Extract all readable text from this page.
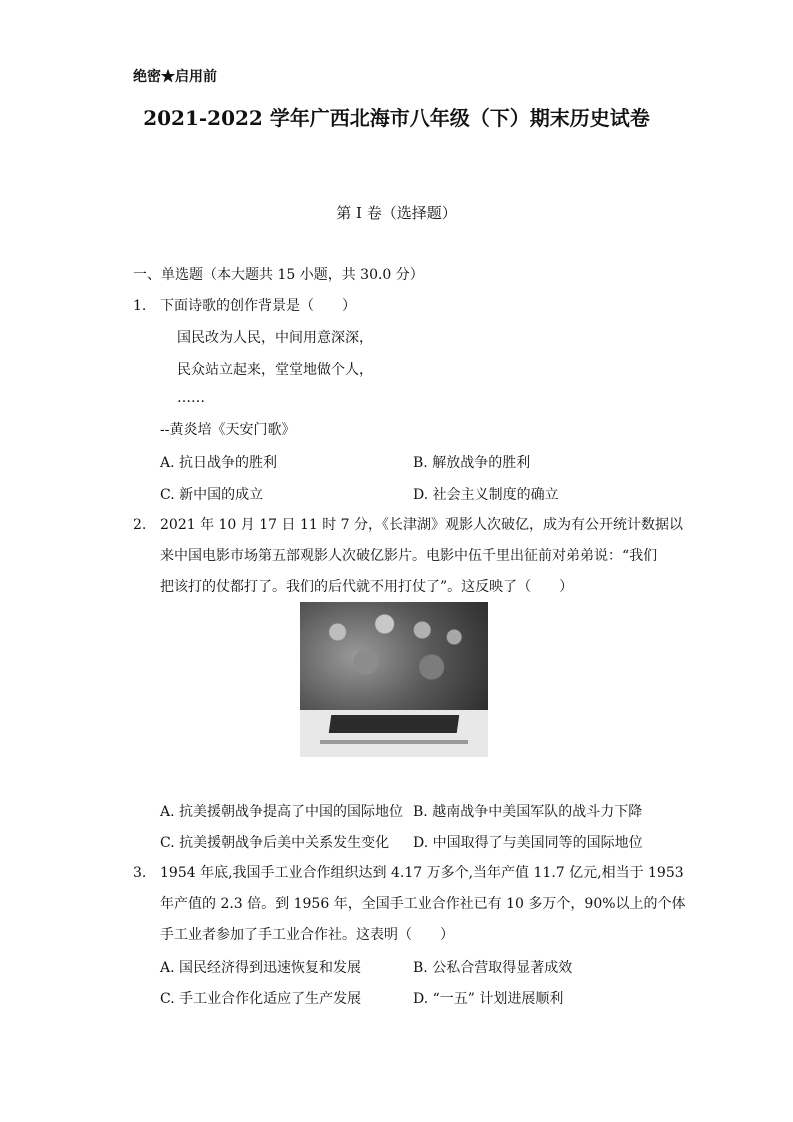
绝密★启用前
2021-2022 学年广西北海市八年级（下）期末历史试卷
第 I 卷（选择题）
一、单选题（本大题共 15 小题，共 30.0 分）
1. 下面诗歌的创作背景是（　　）
国民改为人民，中间用意深深，
民众站立起来，堂堂地做个人，
……
--黄炎培《天安门歌》
A. 抗日战争的胜利	B. 解放战争的胜利
C. 新中国的成立	D. 社会主义制度的确立
2. 2021 年 10 月 17 日 11 时 7 分，《长津湖》观影人次破亿，成为有公开统计数据以
来中国电影市场第五部观影人次破亿影片。电影中伍千里出征前对弟弟说：“我们
把该打的仗都打了。我们的后代就不用打仗了”。这反映了（　　）
A. 抗美援朝战争提高了中国的国际地位 B. 越南战争中美国军队的战斗力下降
C. 抗美援朝战争后美中关系发生变化 D. 中国取得了与美国同等的国际地位
3. 1954 年底,我国手工业合作组织达到 4.17 万多个,当年产值 11.7 亿元,相当于 1953
年产值的 2.3 倍。到 1956 年，全国手工业合作社已有 10 多万个，90%以上的个体
手工业者参加了手工业合作社。这表明（　　）
A. 国民经济得到迅速恢复和发展	B. 公私合营取得显著成效
C. 手工业合作化适应了生产发展	D. “一五” 计划进展顺利
